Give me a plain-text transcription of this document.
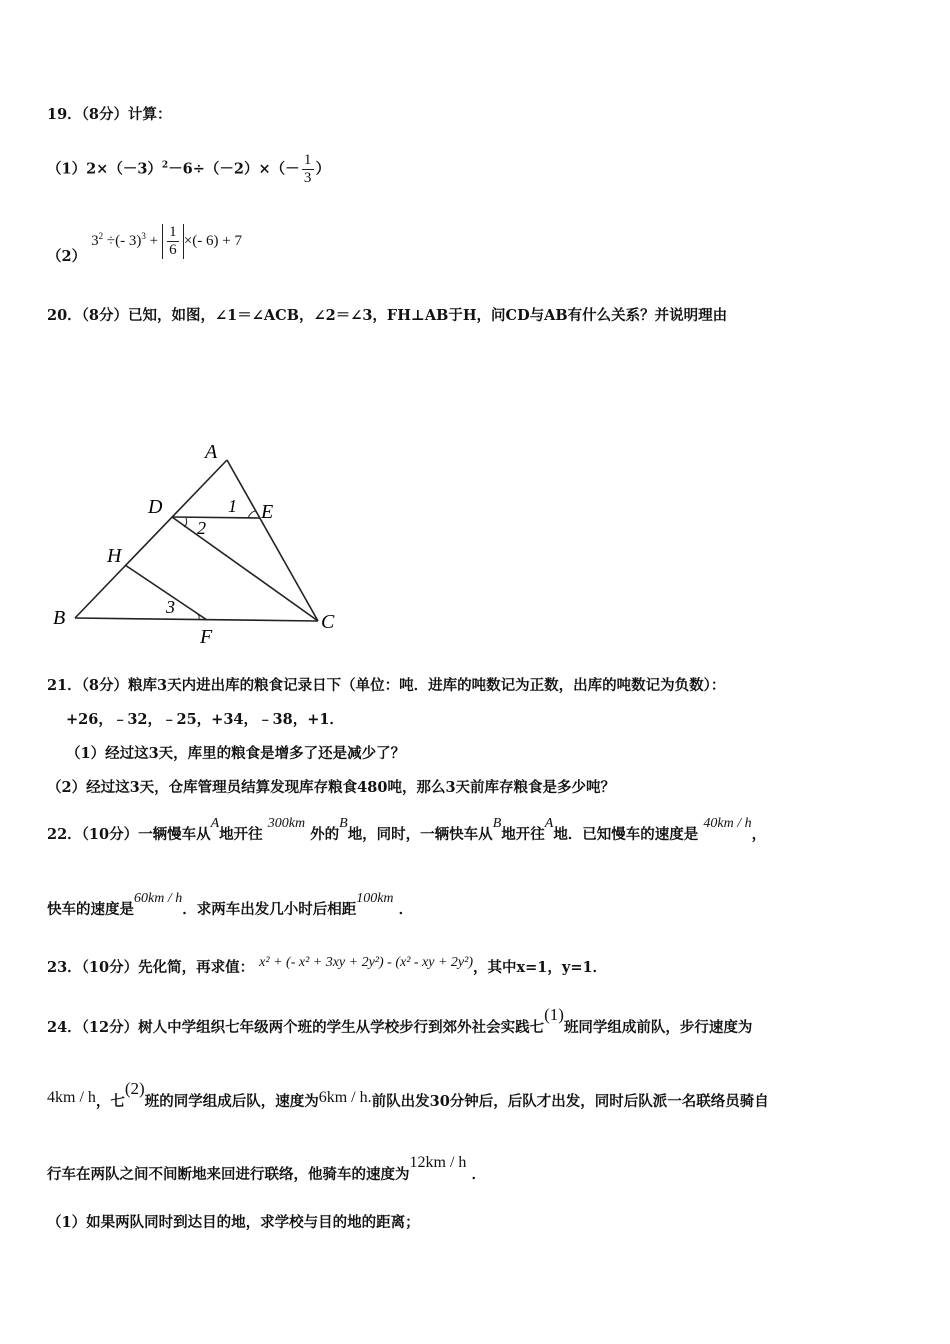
19．（8分）计算：
$(1)2\times(-3)^2-6\div(-2)\times(- \frac{1}{3}$ ）
（2） $3^2$ ÷(- $3)^3 + \frac{1}{6}$ ×(- 6) + 7
20．（8分）已知，如图，∠1＝∠ACB，∠2＝∠3，FH⊥AB于H，问CD与AB有什么关系？并说明理由
A
B	C
D	E
F
H
1
2
3
21．（8分）粮库3天内进出库的粮食记录日下（单位：吨．进库的吨数记为正数，出库的吨数记为负数）：
+26，﹣32，﹣25，+34，﹣38，+1．
（1）经过这3天，库里的粮食是增多了还是减少了？
（2）经过这3天，仓库管理员结算发现库存粮食480吨，那么3天前库存粮食是多少吨？
22．（10分）一辆慢车从A地开往 300km 外的B地，同时，一辆快车从B地开往A地．已知慢车的速度是 40km / h，
快车的速度是60km / h．求两车出发几小时后相距100km ．
23．（10分）先化简，再求值： x² + (- x² + 3xy + 2y²) - (x² - xy + 2y²)，其中x=1，y=1．
24．（12分）树人中学组织七年级两个班的学生从学校步行到郊外社会实践七(1)班同学组成前队，步行速度为
4km / h，七(2)班的同学组成后队，速度为6km / h.前队出发30分钟后，后队才出发，同时后队派一名联络员骑自
行车在两队之间不间断地来回进行联络，他骑车的速度为12km / h ．
（1）如果两队同时到达目的地，求学校与目的地的距离；
